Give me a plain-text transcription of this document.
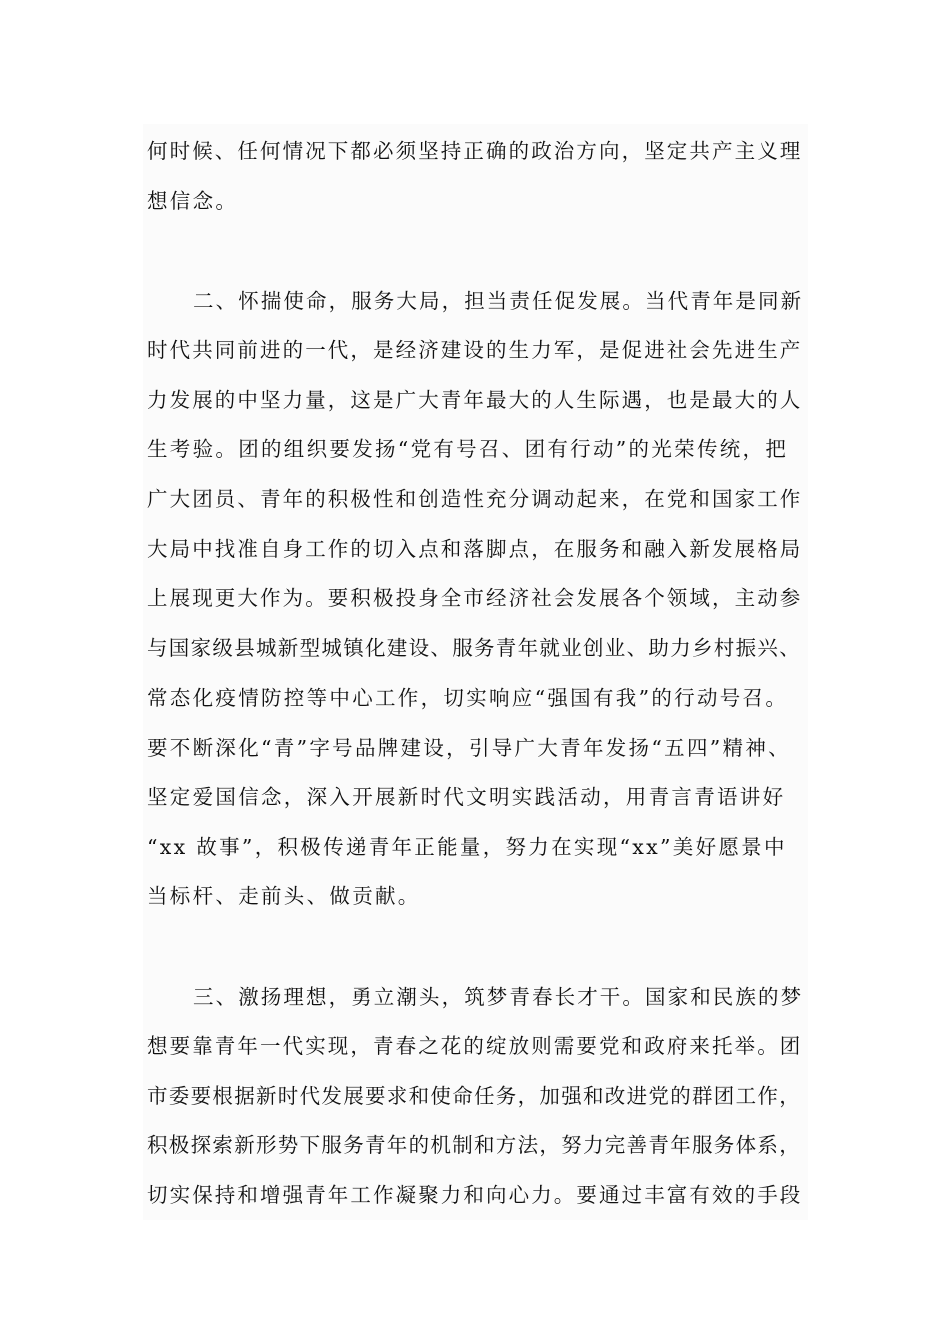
何时候、任何情况下都必须坚持正确的政治方向，坚定共产主义理
想信念。
二、怀揣使命，服务大局，担当责任促发展。当代青年是同新
时代共同前进的一代，是经济建设的生力军，是促进社会先进生产
力发展的中坚力量，这是广大青年最大的人生际遇，也是最大的人
生考验。团的组织要发扬“党有号召、团有行动”的光荣传统，把
广大团员、青年的积极性和创造性充分调动起来，在党和国家工作
大局中找准自身工作的切入点和落脚点，在服务和融入新发展格局
上展现更大作为。要积极投身全市经济社会发展各个领域，主动参
与国家级县城新型城镇化建设、服务青年就业创业、助力乡村振兴、
常态化疫情防控等中心工作，切实响应“强国有我”的行动号召。
要不断深化“青”字号品牌建设，引导广大青年发扬“五四”精神、
坚定爱国信念，深入开展新时代文明实践活动，用青言青语讲好
“xx 故事”，积极传递青年正能量，努力在实现“xx”美好愿景中
当标杆、走前头、做贡献。
三、激扬理想，勇立潮头，筑梦青春长才干。国家和民族的梦
想要靠青年一代实现，青春之花的绽放则需要党和政府来托举。团
市委要根据新时代发展要求和使命任务，加强和改进党的群团工作，
积极探索新形势下服务青年的机制和方法，努力完善青年服务体系，
切实保持和增强青年工作凝聚力和向心力。要通过丰富有效的手段
